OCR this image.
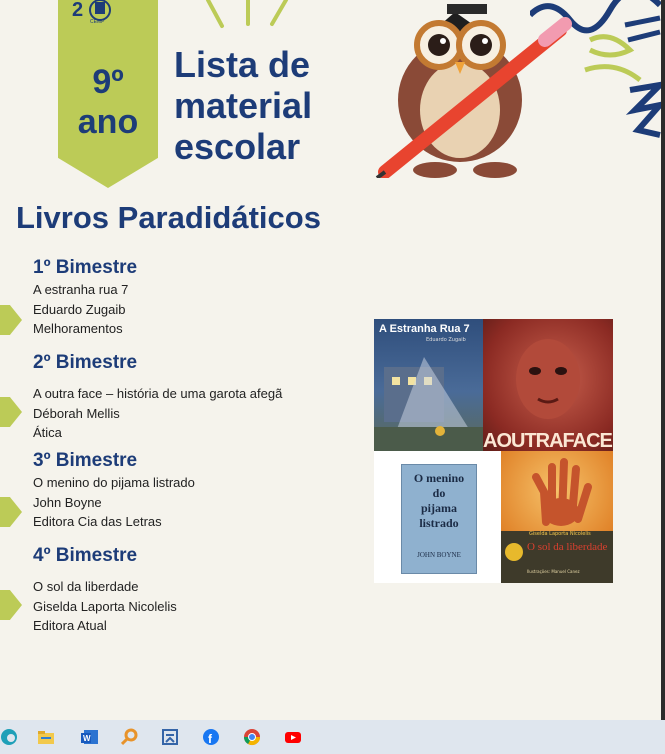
2
CEMP
9º
ano
Lista de
material
escolar
Livros Paradidáticos
1º Bimestre
A estranha rua 7
Eduardo Zugaib
Melhoramentos
2º Bimestre
A outra face – história de uma garota afegã
Déborah Mellis
Ática
3º Bimestre
O menino do pijama listrado
John Boyne
Editora Cia das Letras
4º Bimestre
O sol da liberdade
Giselda Laporta Nicolelis
Editora Atual
A Estranha Rua 7
Eduardo Zugaib
AOUTRAFACE
O menino
do
pijama
listrado
JOHN BOYNE
Giselda Laporta Nicolelis
O sol da liberdade
Ilustrações: Manuel Canez
W	f
